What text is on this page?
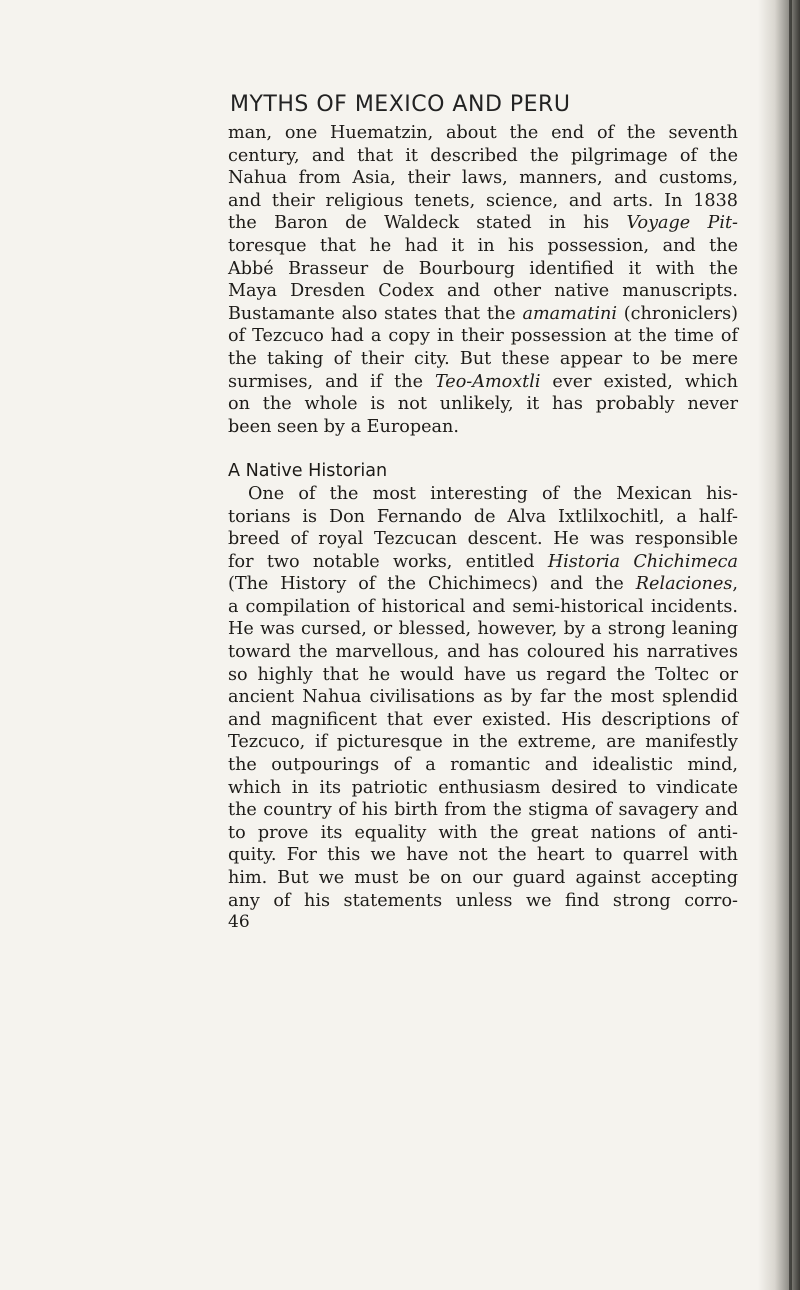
MYTHS OF MEXICO AND PERU
man, one Huematzin, about the end of the seventh
century, and that it described the pilgrimage of the
Nahua from Asia, their laws, manners, and customs,
and their religious tenets, science, and arts. In 1838
the Baron de Waldeck stated in his Voyage Pit-
toresque that he had it in his possession, and the
Abbé Brasseur de Bourbourg identified it with the
Maya Dresden Codex and other native manuscripts.
Bustamante also states that the amamatini (chroniclers)
of Tezcuco had a copy in their possession at the time of
the taking of their city. But these appear to be mere
surmises, and if the Teo-Amoxtli ever existed, which
on the whole is not unlikely, it has probably never
been seen by a European.
A Native Historian
One of the most interesting of the Mexican his-
torians is Don Fernando de Alva Ixtlilxochitl, a half-
breed of royal Tezcucan descent. He was responsible
for two notable works, entitled Historia Chichimeca
(The History of the Chichimecs) and the Relaciones,
a compilation of historical and semi-historical incidents.
He was cursed, or blessed, however, by a strong leaning
toward the marvellous, and has coloured his narratives
so highly that he would have us regard the Toltec or
ancient Nahua civilisations as by far the most splendid
and magnificent that ever existed. His descriptions of
Tezcuco, if picturesque in the extreme, are manifestly
the outpourings of a romantic and idealistic mind,
which in its patriotic enthusiasm desired to vindicate
the country of his birth from the stigma of savagery and
to prove its equality with the great nations of anti-
quity. For this we have not the heart to quarrel with
him. But we must be on our guard against accepting
any of his statements unless we find strong corro-
46
